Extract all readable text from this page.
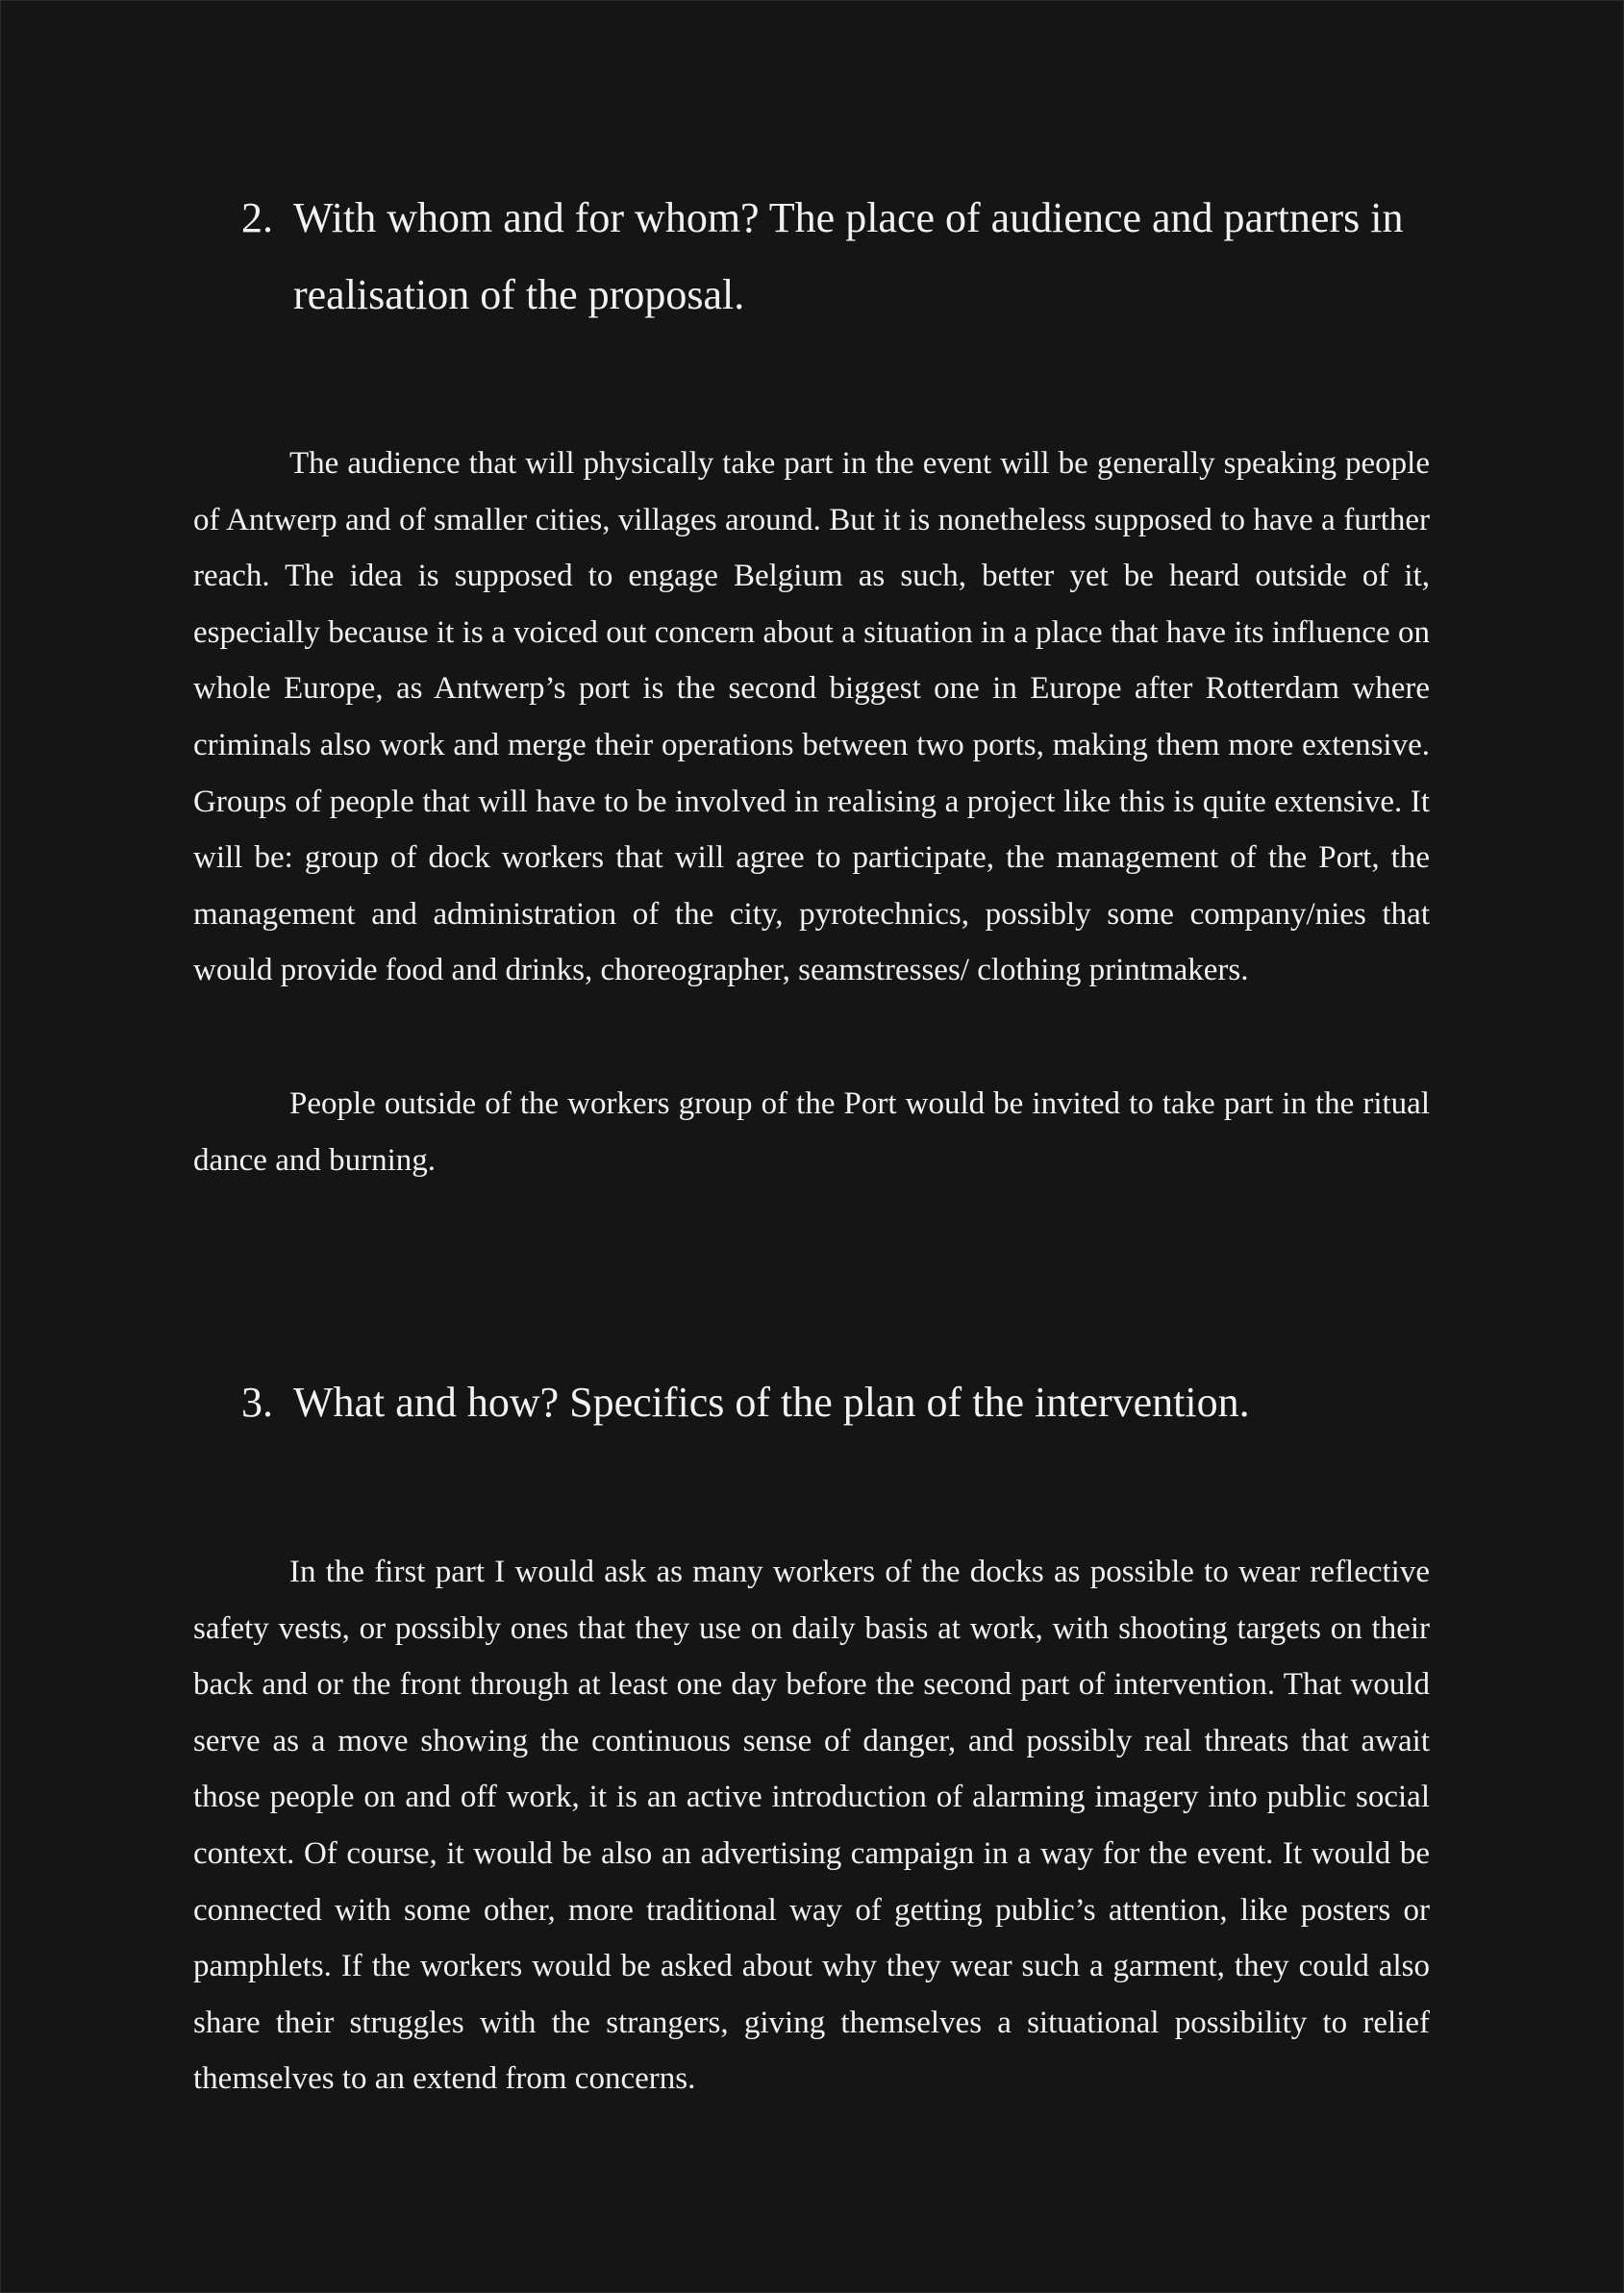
2. With whom and for whom? The place of audience and partners in realisation of the proposal.

The audience that will physically take part in the event will be generally speaking people of Antwerp and of smaller cities, villages around. But it is nonetheless supposed to have a further reach. The idea is supposed to engage Belgium as such, better yet be heard outside of it, especially because it is a voiced out concern about a situation in a place that have its influence on whole Europe, as Antwerp’s port is the second biggest one in Europe after Rotterdam where criminals also work and merge their operations between two ports, making them more extensive. Groups of people that will have to be involved in realising a project like this is quite extensive. It will be: group of dock workers that will agree to participate, the management of the Port, the management and administration of the city, pyrotechnics, possibly some company/nies that would provide food and drinks, choreographer, seamstresses/ clothing printmakers.

People outside of the workers group of the Port would be invited to take part in the ritual dance and burning.

3. What and how? Specifics of the plan of the intervention.

In the first part I would ask as many workers of the docks as possible to wear reflective safety vests, or possibly ones that they use on daily basis at work, with shooting targets on their back and or the front through at least one day before the second part of intervention. That would serve as a move showing the continuous sense of danger, and possibly real threats that await those people on and off work, it is an active introduction of alarming imagery into public social context. Of course, it would be also an advertising campaign in a way for the event. It would be connected with some other, more traditional way of getting public’s attention, like posters or pamphlets. If the workers would be asked about why they wear such a garment, they could also share their struggles with the strangers, giving themselves a situational possibility to relief themselves to an extend from concerns.
